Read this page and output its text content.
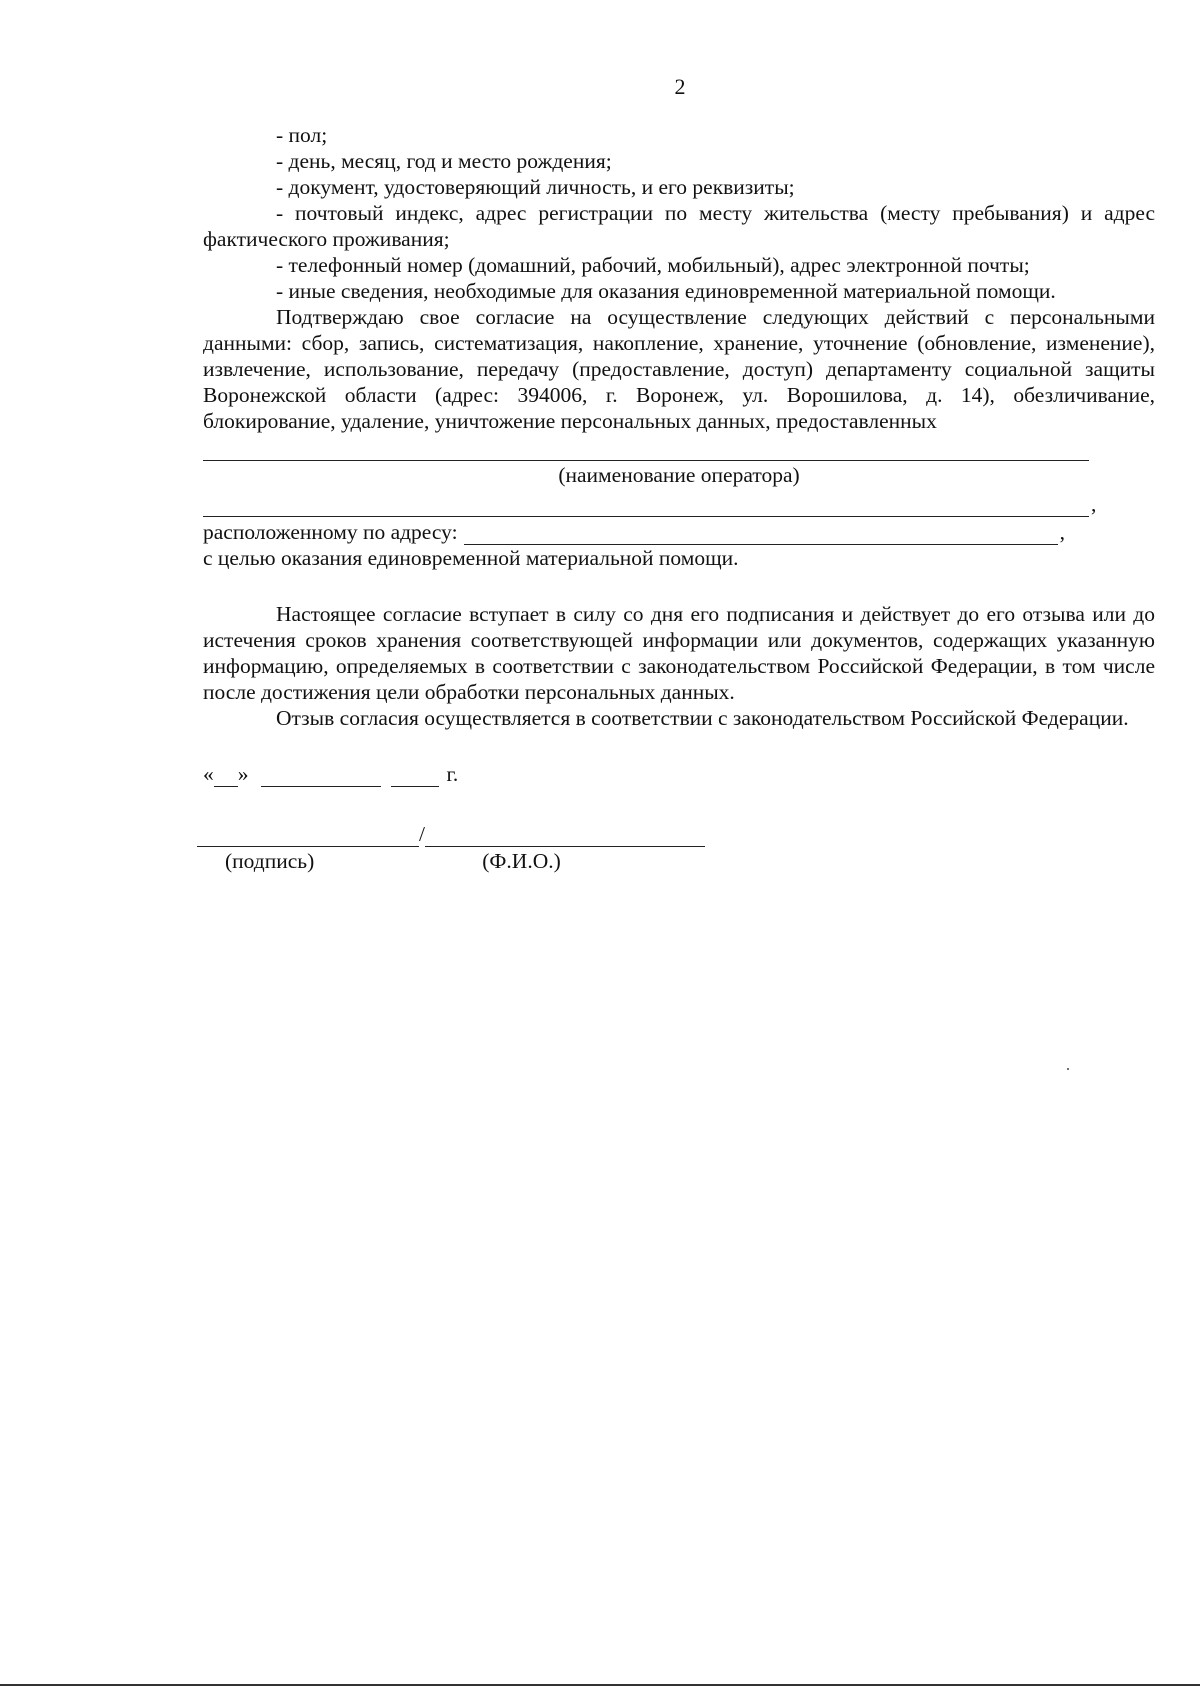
2

- пол;

- день, месяц, год и место рождения;

- документ, удостоверяющий личность, и его реквизиты;

- почтовый индекс, адрес регистрации по месту жительства (месту пребывания) и адрес фактического проживания;

- телефонный номер (домашний, рабочий, мобильный), адрес электронной почты;

- иные сведения, необходимые для оказания единовременной материальной помощи.

Подтверждаю свое согласие на осуществление следующих действий с персональными данными: сбор, запись, систематизация, накопление, хранение, уточнение (обновление, изменение), извлечение, использование, передачу (предоставление, доступ) департаменту социальной защиты Воронежской области (адрес: 394006, г. Воронеж, ул. Ворошилова, д. 14), обезличивание, блокирование, удаление, уничтожение персональных данных, предоставленных

(наименование оператора)

,
расположенному по адресу:	,

с целью оказания единовременной материальной помощи.

Настоящее согласие вступает в силу со дня его подписания и действует до его отзыва или до истечения сроков хранения соответствующей информации или документов, содержащих указанную информацию, определяемых в соответствии с законодательством Российской Федерации, в том числе после достижения цели обработки персональных данных.

Отзыв согласия осуществляется в соответствии с законодательством Российской Федерации.

« »	г.
/
(подпись)	(Ф.И.О.)
